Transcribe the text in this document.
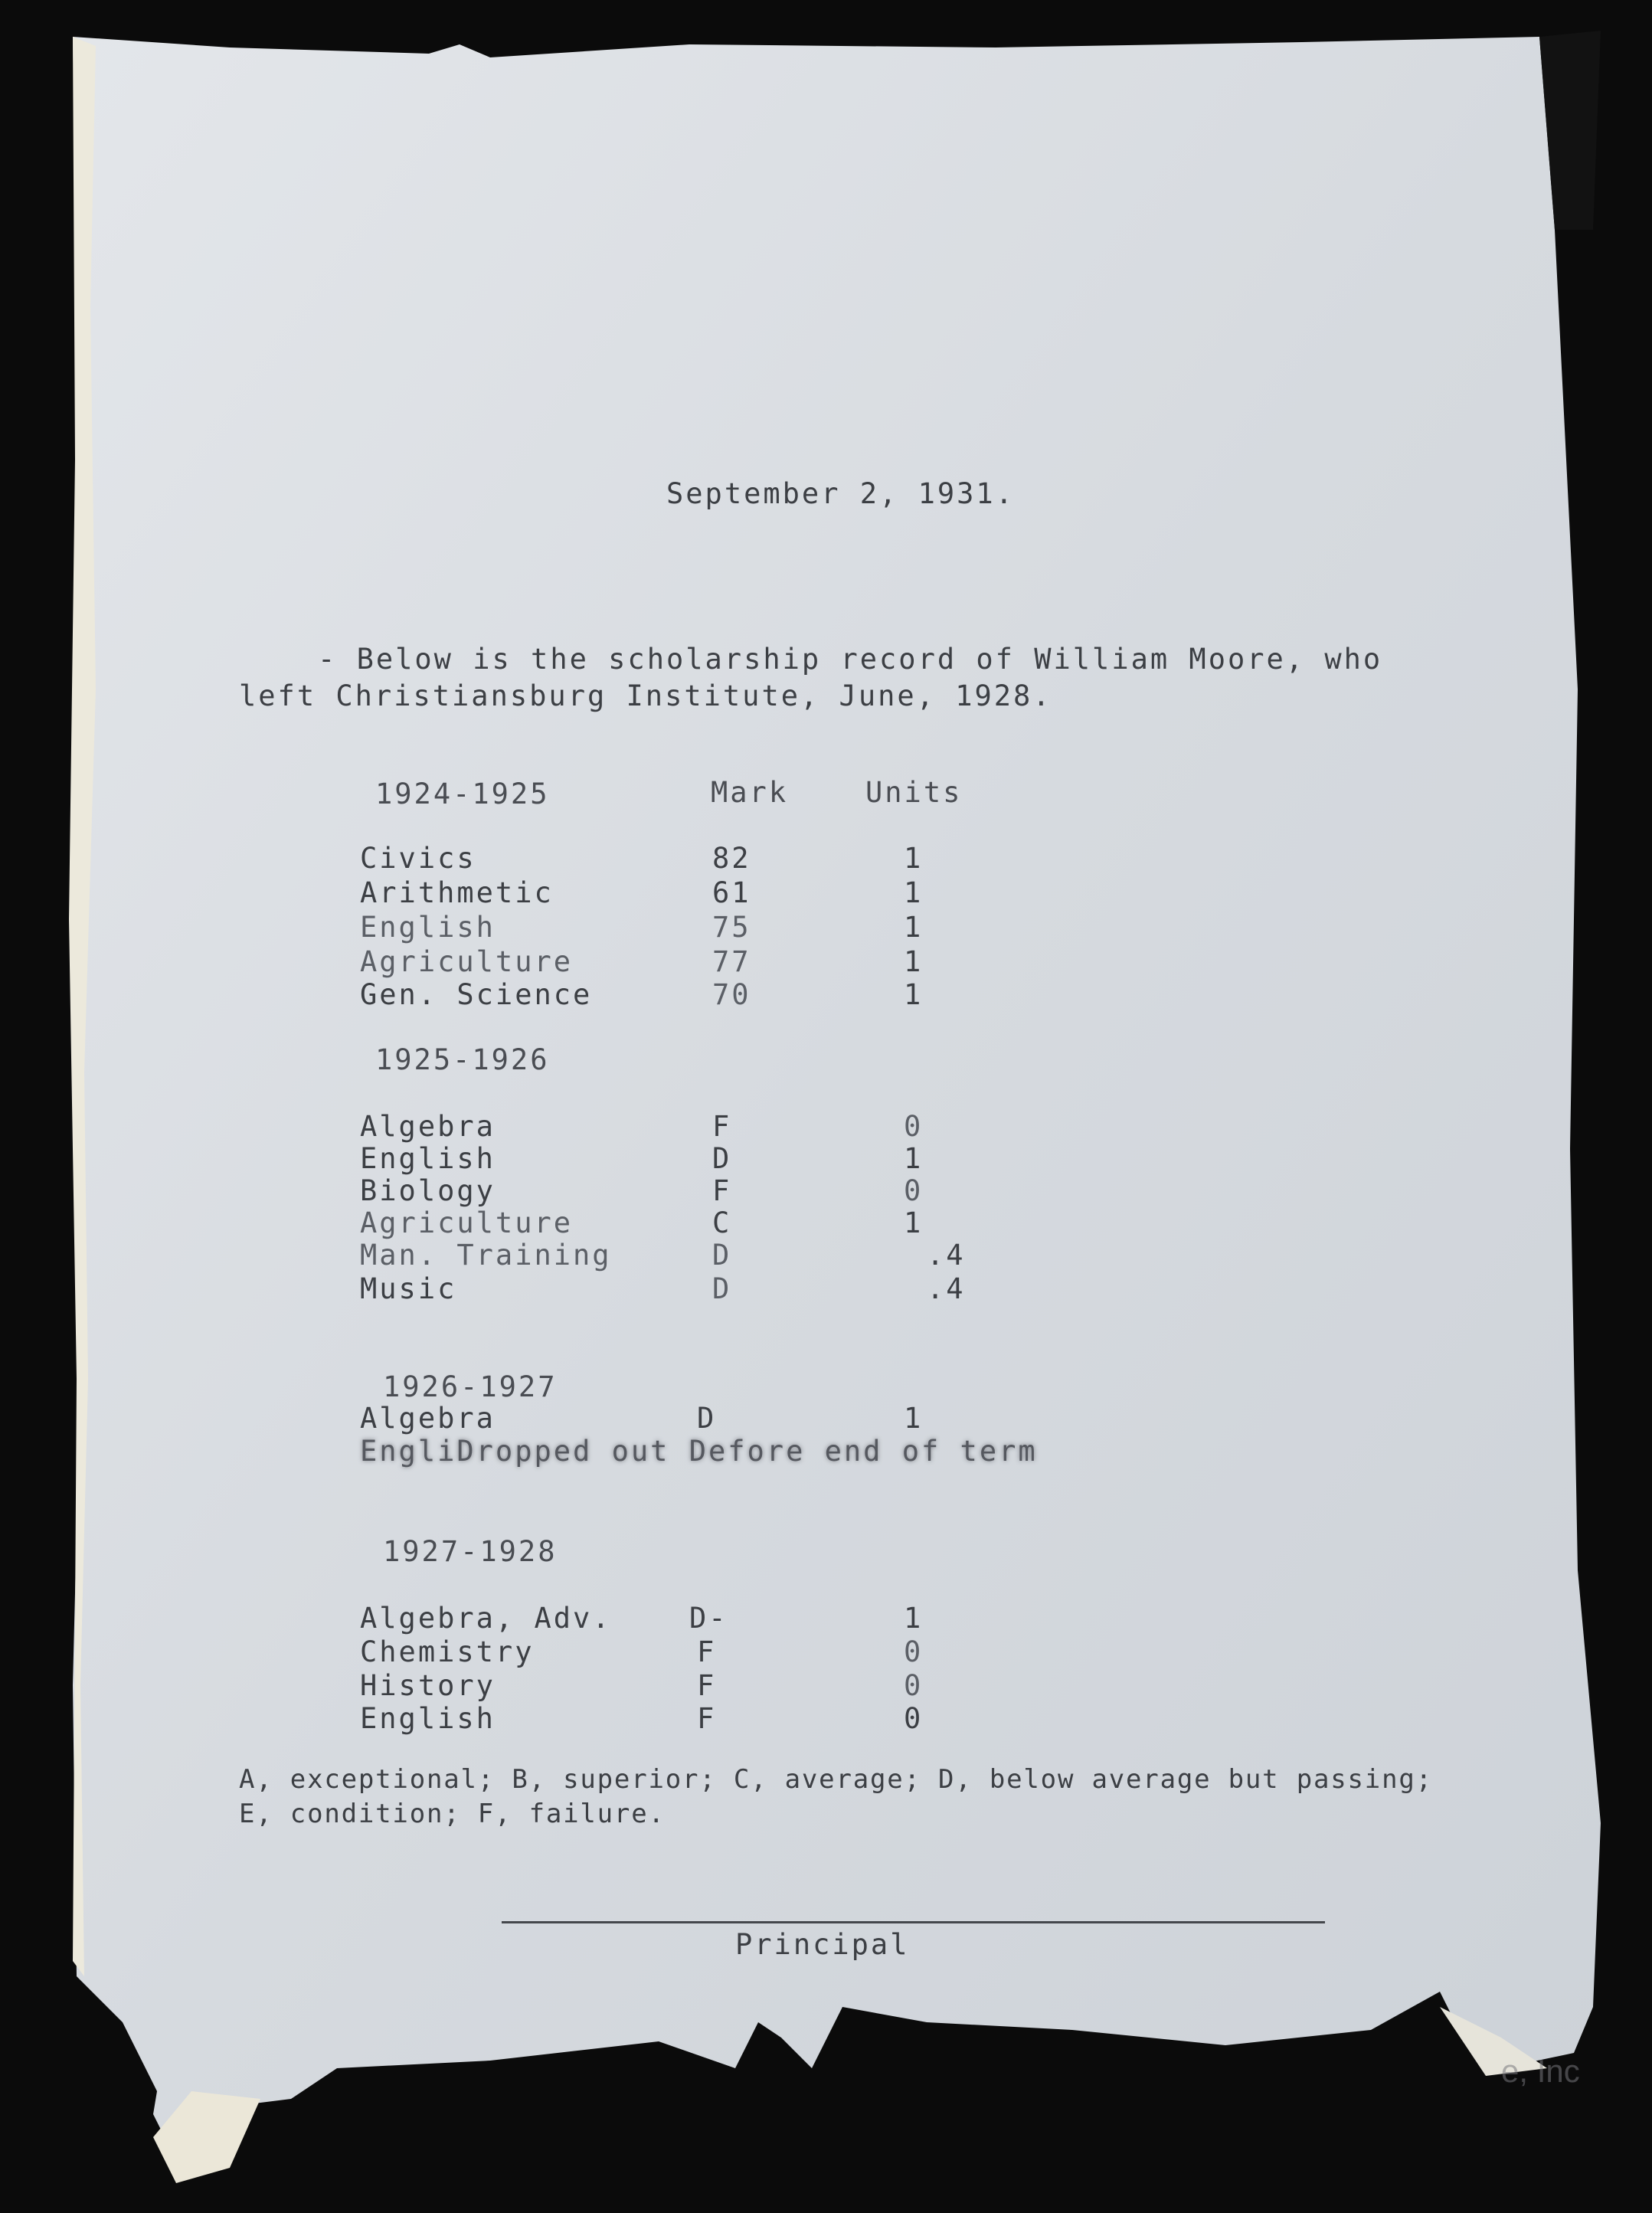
September 2, 1931.
- Below is the scholarship record of William Moore, who
left Christiansburg Institute, June, 1928.
1924-1925	Mark	Units
Civics	82	1
Arithmetic	61	1
English	75	1
Agriculture	77	1
Gen. Science	70	1
1925-1926
Algebra	F	0
English	D	1
Biology	F	0
Agriculture	C	1
Man. Training	D	.4
Music	D	.4
1926-1927
Algebra	D	1
EngliDropped out Defore end of term
1927-1928
Algebra, Adv.	D-	1
Chemistry	F	0
History	F	0
English	F	0
A, exceptional; B, superior; C, average; D, below average but passing;
E, condition; F, failure.
Principal
e, Inc
